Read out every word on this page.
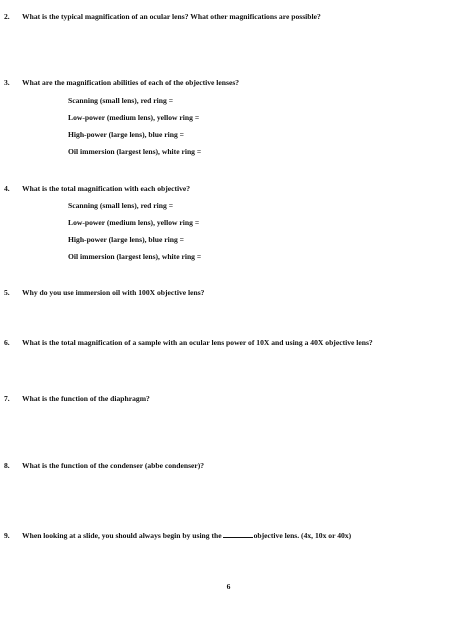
2. What is the typical magnification of an ocular lens? What other magnifications are possible?
3. What are the magnification abilities of each of the objective lenses?
Scanning (small lens), red ring =
Low-power (medium lens), yellow ring =
High-power (large lens), blue ring =
Oil immersion (largest lens), white ring =
4. What is the total magnification with each objective?
Scanning (small lens), red ring =
Low-power (medium lens), yellow ring =
High-power (large lens), blue ring =
Oil immersion (largest lens), white ring =
5. Why do you use immersion oil with 100X objective lens?
6. What is the total magnification of a sample with an ocular lens power of 10X and using a 40X objective lens?
7. What is the function of the diaphragm?
8. What is the function of the condenser (abbe condenser)?
9. When looking at a slide, you should always begin by using the	objective lens. (4x, 10x or 40x)
6
